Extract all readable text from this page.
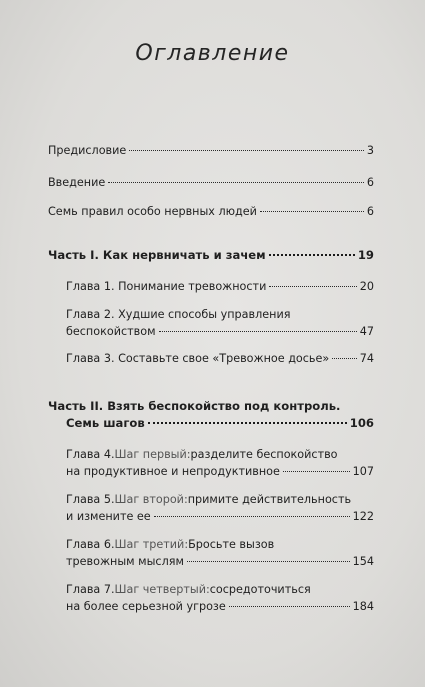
Оглавление
Предисловие	3
Введение	6
Семь правил особо нервных людей	6
Часть I. Как нервничать и зачем	19
Глава 1. Понимание тревожности	20
Глава 2. Худшие способы управления
беспокойством	47
Глава 3. Составьте свое «Тревожное досье»	74
Часть II. Взять беспокойство под контроль.
Семь шагов	106
Глава 4. Шаг первый: разделите беспокойство
на продуктивное и непродуктивное	107
Глава 5. Шаг второй: примите действительность
и измените ее	122
Глава 6. Шаг третий: Бросьте вызов
тревожным мыслям	154
Глава 7. Шаг четвертый: сосредоточиться
на более серьезной угрозе	184
